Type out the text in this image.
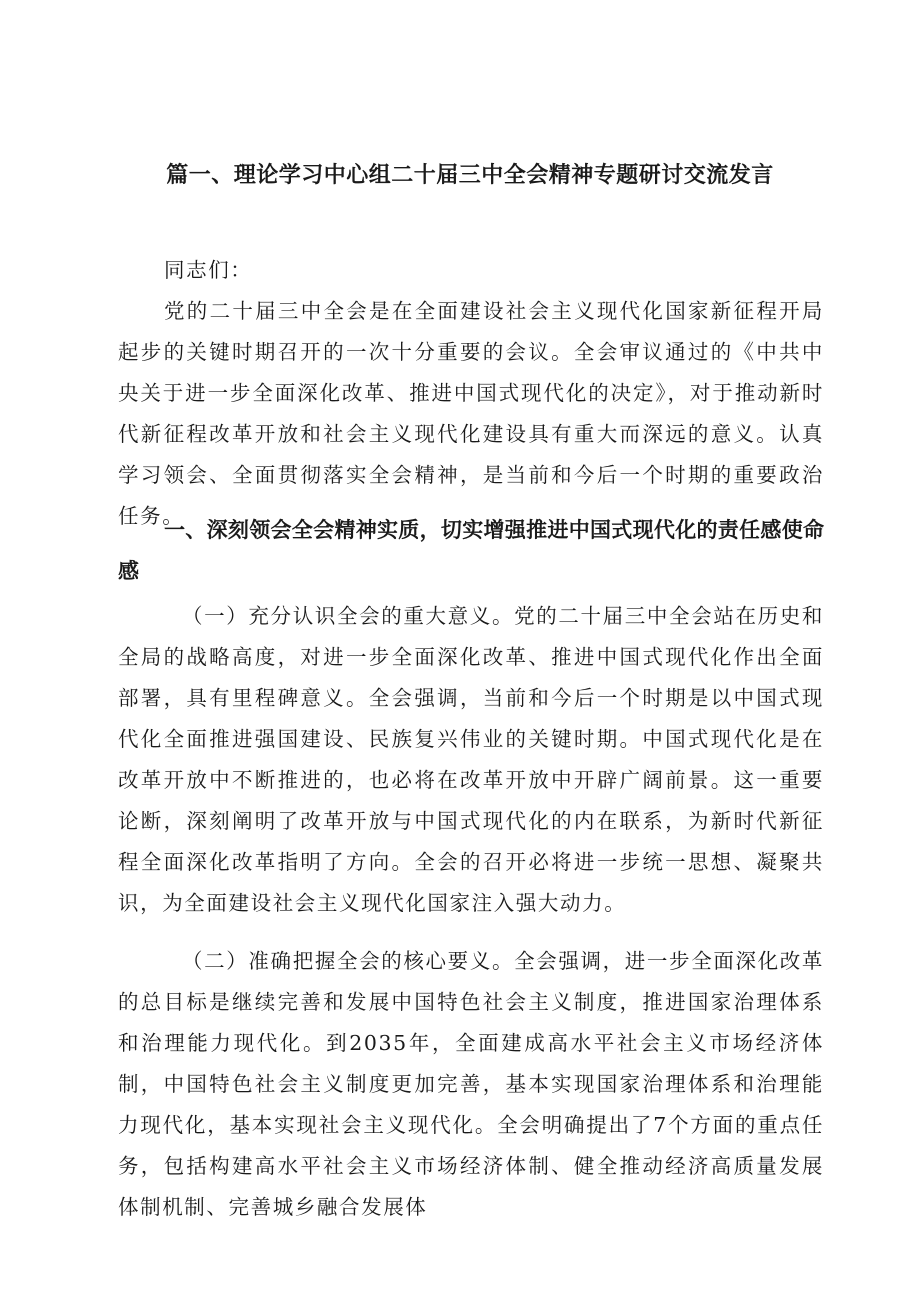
篇一、理论学习中心组二十届三中全会精神专题研讨交流发言

同志们：

党的二十届三中全会是在全面建设社会主义现代化国家新征程开局起步的关键时期召开的一次十分重要的会议。全会审议通过的《中共中央关于进一步全面深化改革、推进中国式现代化的决定》，对于推动新时代新征程改革开放和社会主义现代化建设具有重大而深远的意义。认真学习领会、全面贯彻落实全会精神，是当前和今后一个时期的重要政治任务。

一、深刻领会全会精神实质，切实增强推进中国式现代化的责任感使命感

（一）充分认识全会的重大意义。党的二十届三中全会站在历史和全局的战略高度，对进一步全面深化改革、推进中国式现代化作出全面部署，具有里程碑意义。全会强调，当前和今后一个时期是以中国式现代化全面推进强国建设、民族复兴伟业的关键时期。中国式现代化是在改革开放中不断推进的，也必将在改革开放中开辟广阔前景。这一重要论断，深刻阐明了改革开放与中国式现代化的内在联系，为新时代新征程全面深化改革指明了方向。全会的召开必将进一步统一思想、凝聚共识，为全面建设社会主义现代化国家注入强大动力。

（二）准确把握全会的核心要义。全会强调，进一步全面深化改革的总目标是继续完善和发展中国特色社会主义制度，推进国家治理体系和治理能力现代化。到2035年，全面建成高水平社会主义市场经济体制，中国特色社会主义制度更加完善，基本实现国家治理体系和治理能力现代化，基本实现社会主义现代化。全会明确提出了7个方面的重点任务，包括构建高水平社会主义市场经济体制、健全推动经济高质量发展体制机制、完善城乡融合发展体
